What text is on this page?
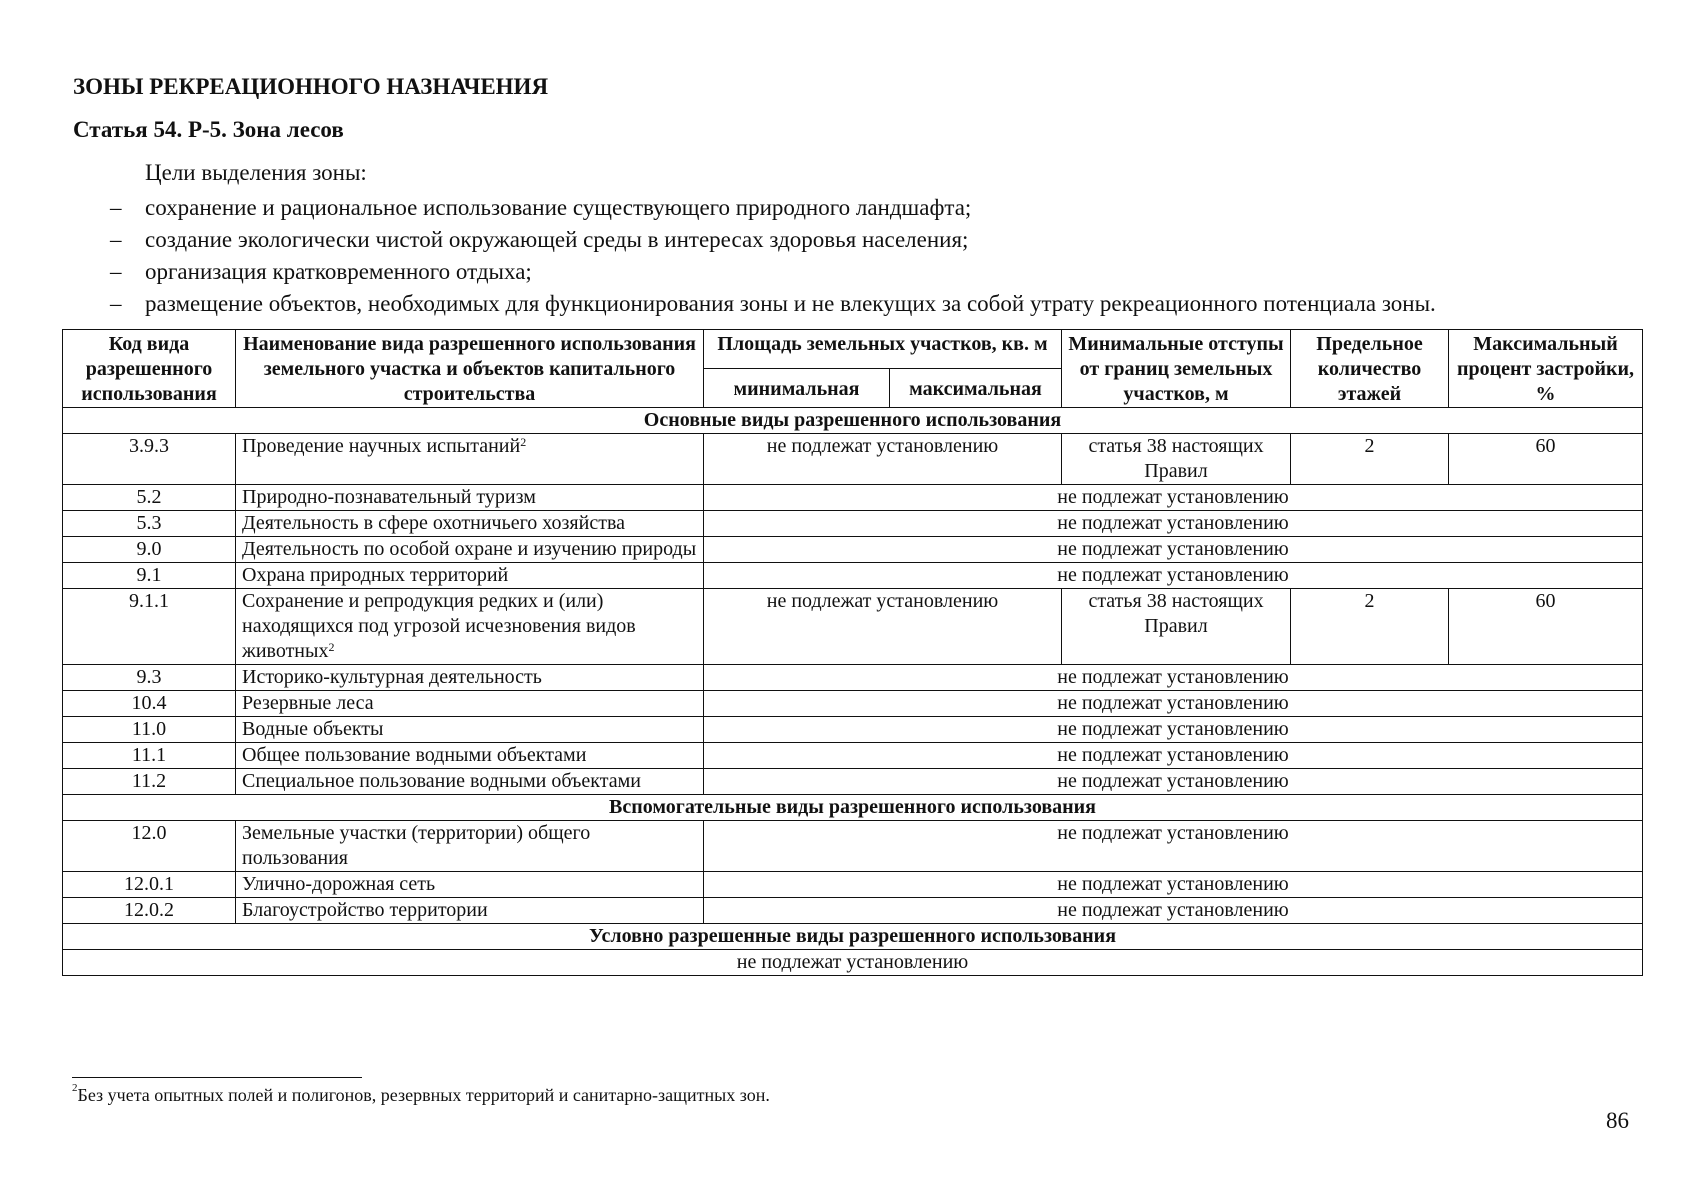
ЗОНЫ РЕКРЕАЦИОННОГО НАЗНАЧЕНИЯ
Статья 54. Р-5. Зона лесов
Цели выделения зоны:
– сохранение и рациональное использование существующего природного ландшафта;
– создание экологически чистой окружающей среды в интересах здоровья населения;
– организация кратковременного отдыха;
– размещение объектов, необходимых для функционирования зоны и не влекущих за собой утрату рекреационного потенциала зоны.
Код вида разрешенного использования	Наименование вида разрешенного использования земельного участка и объектов капитального строительства	Площадь земельных участков, кв. м		Минимальные отступы от границ земельных участков, м	Предельное количество этажей	Максимальный процент застройки, %
		минимальная	максимальная			
Основные виды разрешенного использования						
3.9.3	Проведение научных испытаний$^2$	не подлежат установлению		статья 38 настоящих Правил	2	60
5.2	Природно-познавательный туризм	не подлежат установлению				
5.3	Деятельность в сфере охотничьего хозяйства	не подлежат установлению				
9.0	Деятельность по особой охране и изучению природы	не подлежат установлению				
9.1	Охрана природных территорий	не подлежат установлению				
9.1.1	Сохранение и репродукция редких и (или) находящихся под угрозой исчезновения видов животных$^2$	не подлежат установлению		статья 38 настоящих Правил	2	60
9.3	Историко-культурная деятельность	не подлежат установлению				
10.4	Резервные леса	не подлежат установлению				
11.0	Водные объекты	не подлежат установлению				
11.1	Общее пользование водными объектами	не подлежат установлению				
11.2	Специальное пользование водными объектами	не подлежат установлению				
Вспомогательные виды разрешенного использования						
12.0	Земельные участки (территории) общего пользования	не подлежат установлению				
12.0.1	Улично-дорожная сеть	не подлежат установлению				
12.0.2	Благоустройство территории	не подлежат установлению				
Условно разрешенные виды разрешенного использования						
не подлежат установлению						
$^2$Без учета опытных полей и полигонов, резервных территорий и санитарно-защитных зон.
86
